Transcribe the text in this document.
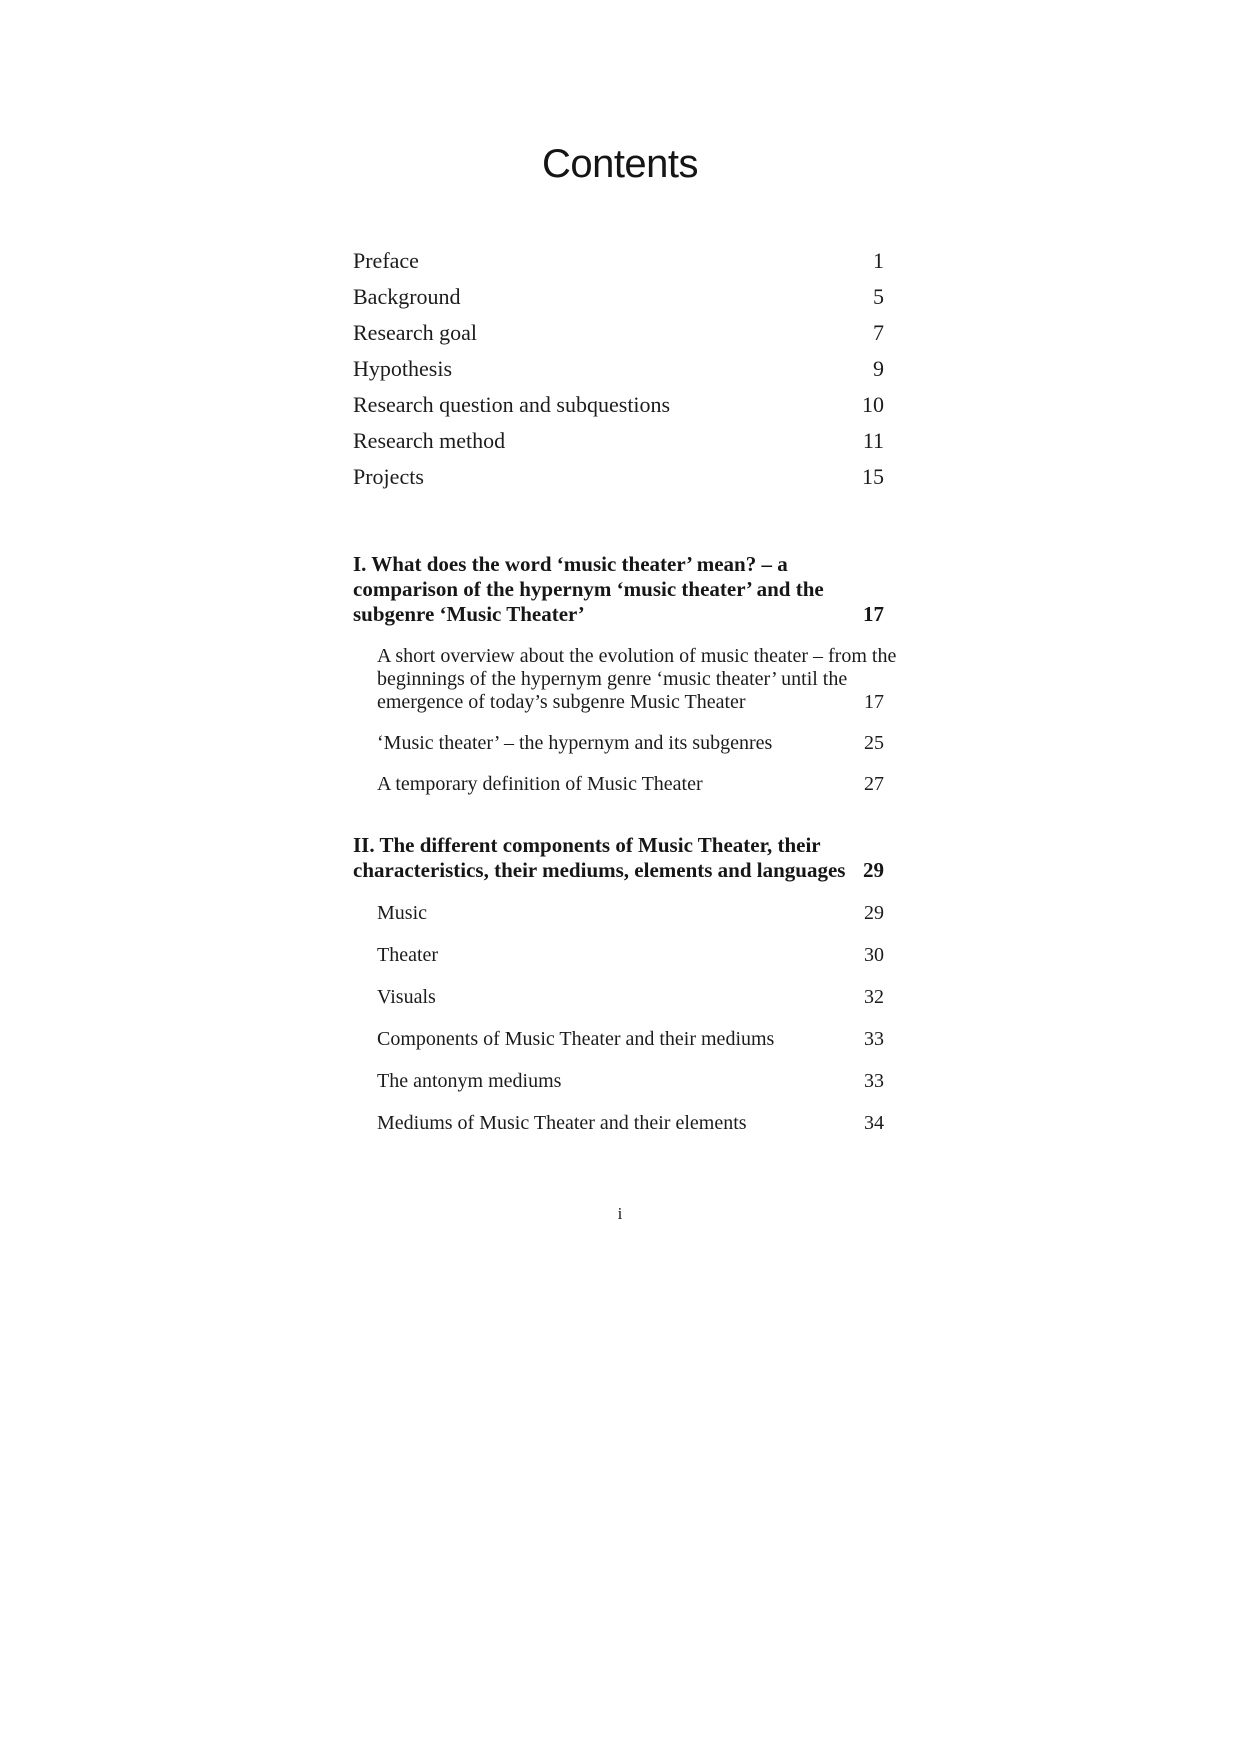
Contents
Preface	1
Background	5
Research goal	7
Hypothesis	9
Research question and subquestions	10
Research method	11
Projects	15
I. What does the word ‘music theater’ mean? – a
comparison of the hypernym ‘music theater’ and the
subgenre ‘Music Theater’	17
A short overview about the evolution of music theater – from the
beginnings of the hypernym genre ‘music theater’ until the
emergence of today’s subgenre Music Theater	17
‘Music theater’ – the hypernym and its subgenres	25
A temporary definition of Music Theater	27
II. The different components of Music Theater, their
characteristics, their mediums, elements and languages 29
Music	29
Theater	30
Visuals	32
Components of Music Theater and their mediums	33
The antonym mediums	33
Mediums of Music Theater and their elements	34
i
